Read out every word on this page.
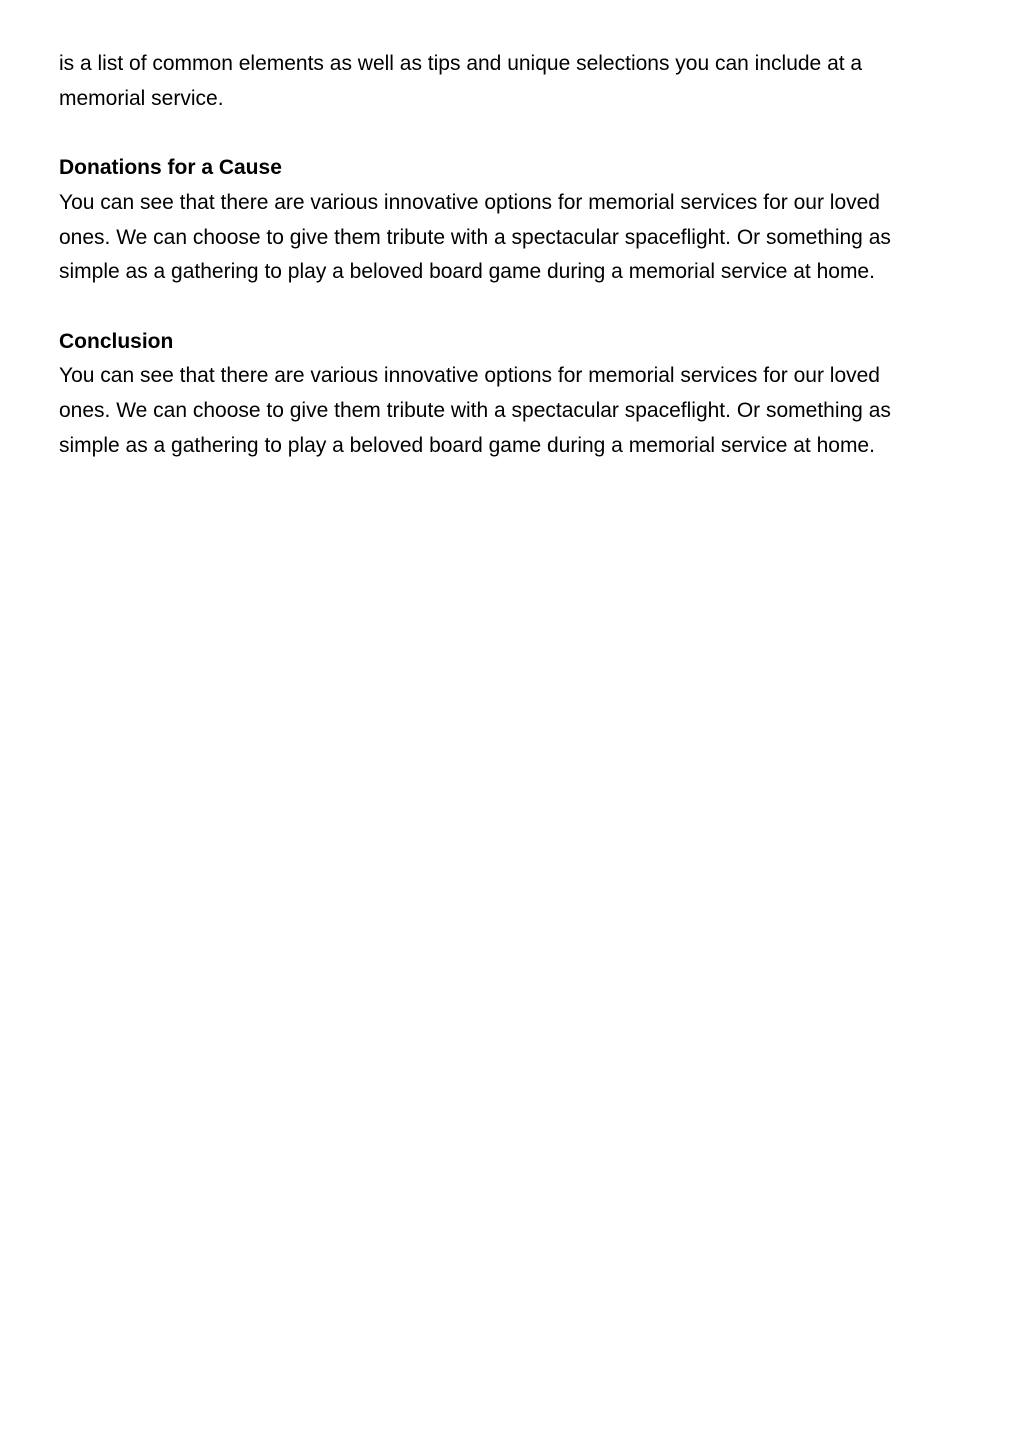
is a list of common elements as well as tips and unique selections you can include at a
memorial service.

Donations for a Cause

You can see that there are various innovative options for memorial services for our loved
ones. We can choose to give them tribute with a spectacular spaceflight. Or something as
simple as a gathering to play a beloved board game during a memorial service at home.

Conclusion

You can see that there are various innovative options for memorial services for our loved
ones. We can choose to give them tribute with a spectacular spaceflight. Or something as
simple as a gathering to play a beloved board game during a memorial service at home.
